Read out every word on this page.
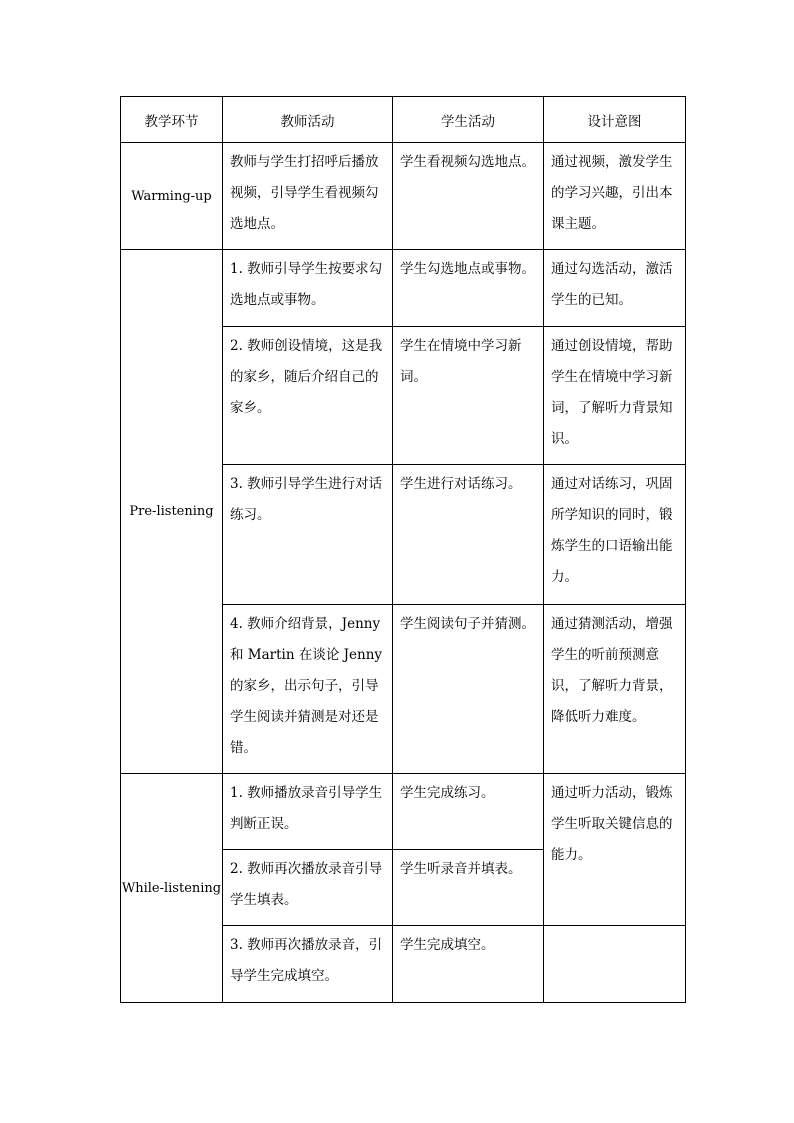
教学环节	教师活动	学生活动	设计意图
Warming-up	教师与学生打招呼后播放视频，引导学生看视频勾选地点。	学生看视频勾选地点。	通过视频，激发学生的学习兴趣，引出本课主题。
Pre-listening	1. 教师引导学生按要求勾选地点或事物。	学生勾选地点或事物。	通过勾选活动，激活学生的已知。
	2. 教师创设情境，这是我的家乡，随后介绍自己的家乡。	学生在情境中学习新词。	通过创设情境，帮助学生在情境中学习新词，了解听力背景知识。
	3. 教师引导学生进行对话练习。	学生进行对话练习。	通过对话练习，巩固所学知识的同时，锻炼学生的口语输出能力。
	4. 教师介绍背景，Jenny 和 Martin 在谈论 Jenny 的家乡，出示句子，引导学生阅读并猜测是对还是错。	学生阅读句子并猜测。	通过猜测活动，增强学生的听前预测意识，了解听力背景，降低听力难度。
While-listening	1. 教师播放录音引导学生判断正误。	学生完成练习。	通过听力活动，锻炼学生听取关键信息的能力。
	2. 教师再次播放录音引导学生填表。	学生听录音并填表。	
	3. 教师再次播放录音，引导学生完成填空。	学生完成填空。	
